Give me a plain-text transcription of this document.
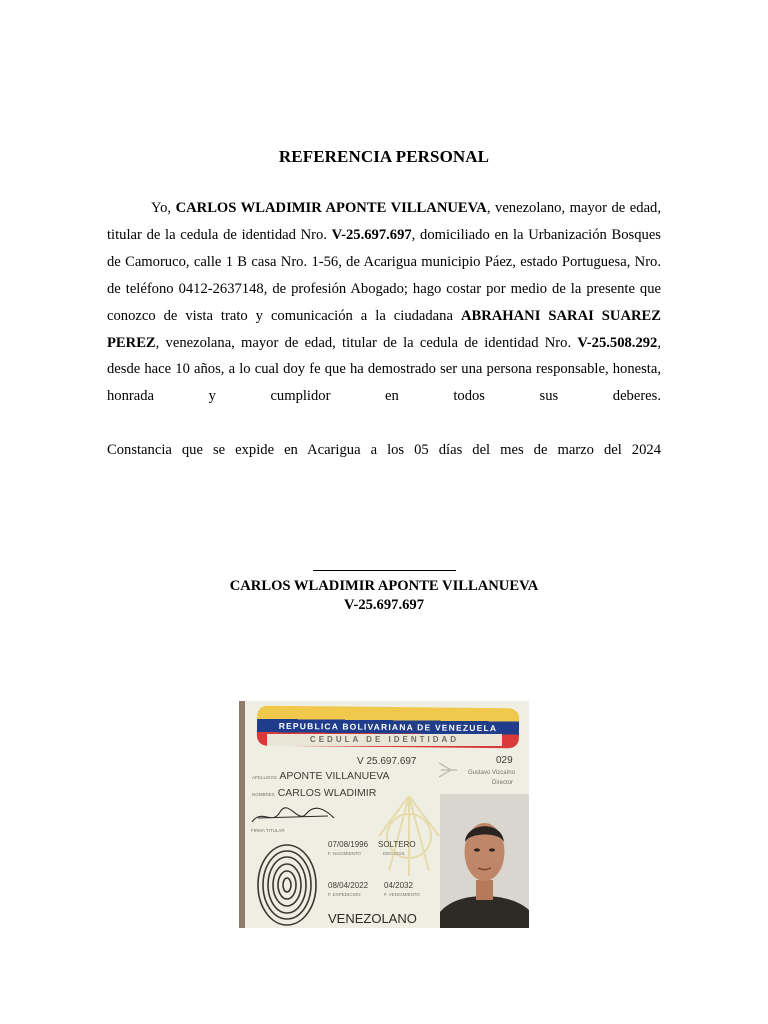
REFERENCIA PERSONAL

Yo, CARLOS WLADIMIR APONTE VILLANUEVA, venezolano, mayor de edad, titular de la cedula de identidad Nro. V-25.697.697, domiciliado en la Urbanización Bosques de Camoruco, calle 1 B casa Nro. 1-56, de Acarigua municipio Páez, estado Portuguesa, Nro. de teléfono 0412-2637148, de profesión Abogado; hago costar por medio de la presente que conozco de vista trato y comunicación a la ciudadana ABRAHANI SARAI SUAREZ PEREZ, venezolana, mayor de edad, titular de la cedula de identidad Nro. V-25.508.292, desde hace 10 años, a lo cual doy fe que ha demostrado ser una persona responsable, honesta, honrada y cumplidor en todos sus deberes.

Constancia que se expide en Acarigua a los 05 días del mes de marzo del 2024

CARLOS WLADIMIR APONTE VILLANUEVA
V-25.697.697
REPUBLICA BOLIVARIANA DE VENEZUELA
CEDULA DE IDENTIDAD
V 25.697.697	029
Gustavo Vizcaíno
Director
APELLIDOS APONTE VILLANUEVA
NOMBRES CARLOS WLADIMIR
FIRMA TITULAR
07/08/1996 SOLTERO
F. NACIMIENTO	EDO.CIVIL
08/04/2022 04/2032
F. EXPEDICION	F. VENCIMIENTO
VENEZOLANO
